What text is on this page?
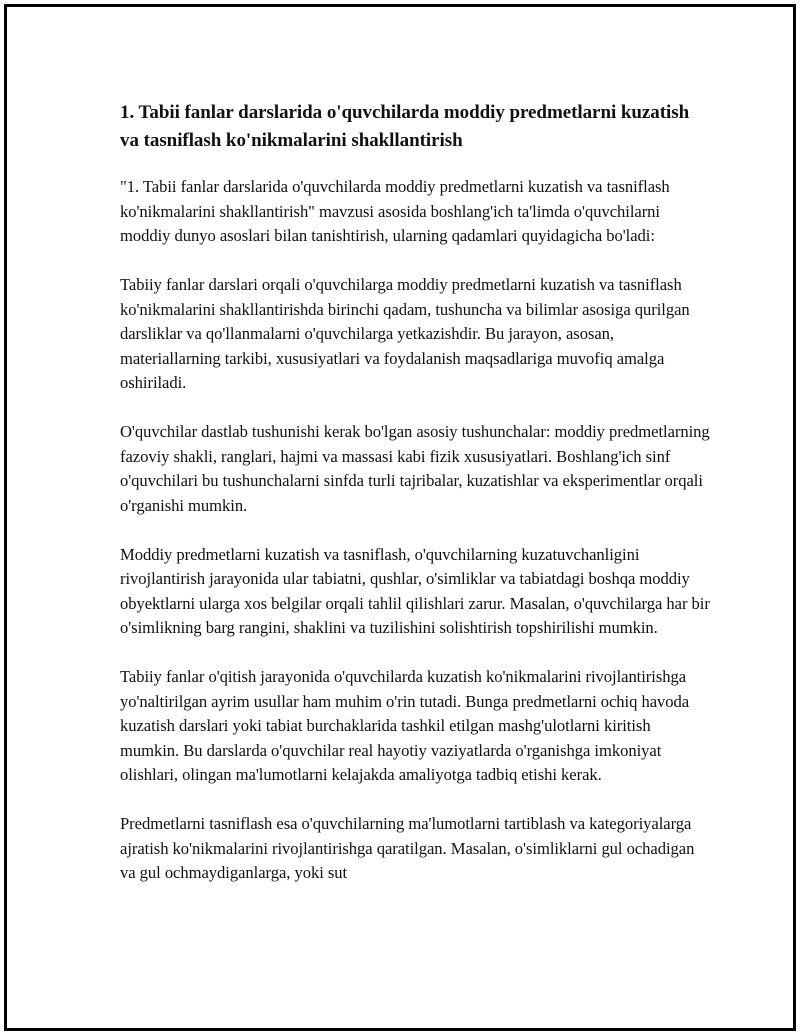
1. Tabii fanlar darslarida o'quvchilarda moddiy predmetlarni kuzatish va tasniflash ko'nikmalarini shakllantirish

"1. Tabii fanlar darslarida o'quvchilarda moddiy predmetlarni kuzatish va tasniflash ko'nikmalarini shakllantirish" mavzusi asosida boshlang'ich ta'limda o'quvchilarni moddiy dunyo asoslari bilan tanishtirish, ularning qadamlari quyidagicha bo'ladi:

Tabiiy fanlar darslari orqali o'quvchilarga moddiy predmetlarni kuzatish va tasniflash ko'nikmalarini shakllantirishda birinchi qadam, tushuncha va bilimlar asosiga qurilgan darsliklar va qo'llanmalarni o'quvchilarga yetkazishdir. Bu jarayon, asosan, materiallarning tarkibi, xususiyatlari va foydalanish maqsadlariga muvofiq amalga oshiriladi.

O'quvchilar dastlab tushunishi kerak bo'lgan asosiy tushunchalar: moddiy predmetlarning fazoviy shakli, ranglari, hajmi va massasi kabi fizik xususiyatlari. Boshlang'ich sinf o'quvchilari bu tushunchalarni sinfda turli tajribalar, kuzatishlar va eksperimentlar orqali o'rganishi mumkin.

Moddiy predmetlarni kuzatish va tasniflash, o'quvchilarning kuzatuvchanligini rivojlantirish jarayonida ular tabiatni, qushlar, o'simliklar va tabiatdagi boshqa moddiy obyektlarni ularga xos belgilar orqali tahlil qilishlari zarur. Masalan, o'quvchilarga har bir o'simlikning barg rangini, shaklini va tuzilishini solishtirish topshirilishi mumkin.

Tabiiy fanlar o'qitish jarayonida o'quvchilarda kuzatish ko'nikmalarini rivojlantirishga yo'naltirilgan ayrim usullar ham muhim o'rin tutadi. Bunga predmetlarni ochiq havoda kuzatish darslari yoki tabiat burchaklarida tashkil etilgan mashg'ulotlarni kiritish mumkin. Bu darslarda o'quvchilar real hayotiy vaziyatlarda o'rganishga imkoniyat olishlari, olingan ma'lumotlarni kelajakda amaliyotga tadbiq etishi kerak.

Predmetlarni tasniflash esa o'quvchilarning ma'lumotlarni tartiblash va kategoriyalarga ajratish ko'nikmalarini rivojlantirishga qaratilgan. Masalan, o'simliklarni gul ochadigan va gul ochmaydiganlarga, yoki sut
